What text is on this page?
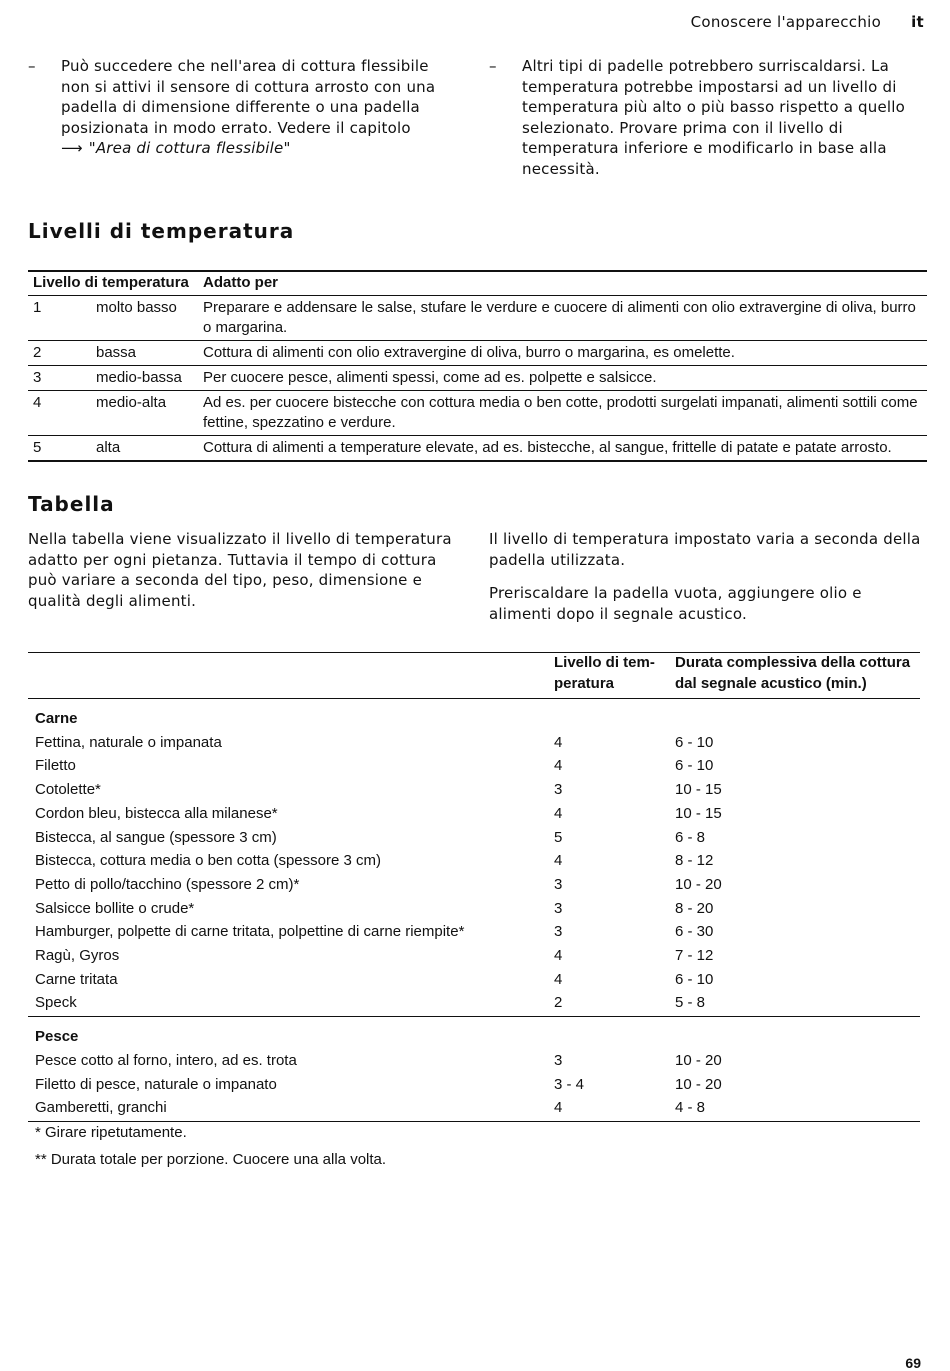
Conoscere l'apparecchio it
–	Può succedere che nell'area di cottura flessibile non si attivi il sensore di cottura arrosto con una padella di dimensione differente o una padella posizionata in modo errato. Vedere il capitolo
⟶ "Area di cottura flessibile"
–	Altri tipi di padelle potrebbero surriscaldarsi. La temperatura potrebbe impostarsi ad un livello di temperatura più alto o più basso rispetto a quello selezionato. Provare prima con il livello di temperatura inferiore e modificarlo in base alla necessità.
Livelli di temperatura
Livello di temperatura		Adatto per
1	molto basso	Preparare e addensare le salse, stufare le verdure e cuocere di alimenti con olio extravergine di oliva, burro o margarina.
2	bassa	Cottura di alimenti con olio extravergine di oliva, burro o margarina, es omelette.
3	medio-bassa	Per cuocere pesce, alimenti spessi, come ad es. polpette e salsicce.
4	medio-alta	Ad es. per cuocere bistecche con cottura media o ben cotte, prodotti surgelati impanati, alimenti sottili come fettine, spezzatino e verdure.
5	alta	Cottura di alimenti a temperature elevate, ad es. bistecche, al sangue, frittelle di patate e patate arrosto.
Tabella

Nella tabella viene visualizzato il livello di temperatura adatto per ogni pietanza. Tuttavia il tempo di cottura può variare a seconda del tipo, peso, dimensione e qualità degli alimenti.

Il livello di temperatura impostato varia a seconda della padella utilizzata.

Preriscaldare la padella vuota, aggiungere olio e alimenti dopo il segnale acustico.

	Livello di tem-peratura	Durata complessiva della cottura dal segnale acustico (min.)
Carne		
Fettina, naturale o impanata	4	6 - 10
Filetto	4	6 - 10
Cotolette*	3	10 - 15
Cordon bleu, bistecca alla milanese*	4	10 - 15
Bistecca, al sangue (spessore 3 cm)	5	6 - 8
Bistecca, cottura media o ben cotta (spessore 3 cm)	4	8 - 12
Petto di pollo/tacchino (spessore 2 cm)*	3	10 - 20
Salsicce bollite o crude*	3	8 - 20
Hamburger, polpette di carne tritata, polpettine di carne riempite*	3	6 - 30
Ragù, Gyros	4	7 - 12
Carne tritata	4	6 - 10
Speck	2	5 - 8
Pesce		
Pesce cotto al forno, intero, ad es. trota	3	10 - 20
Filetto di pesce, naturale o impanato	3 - 4	10 - 20
Gamberetti, granchi	4	4 - 8
* Girare ripetutamente.
** Durata totale per porzione. Cuocere una alla volta.
69
